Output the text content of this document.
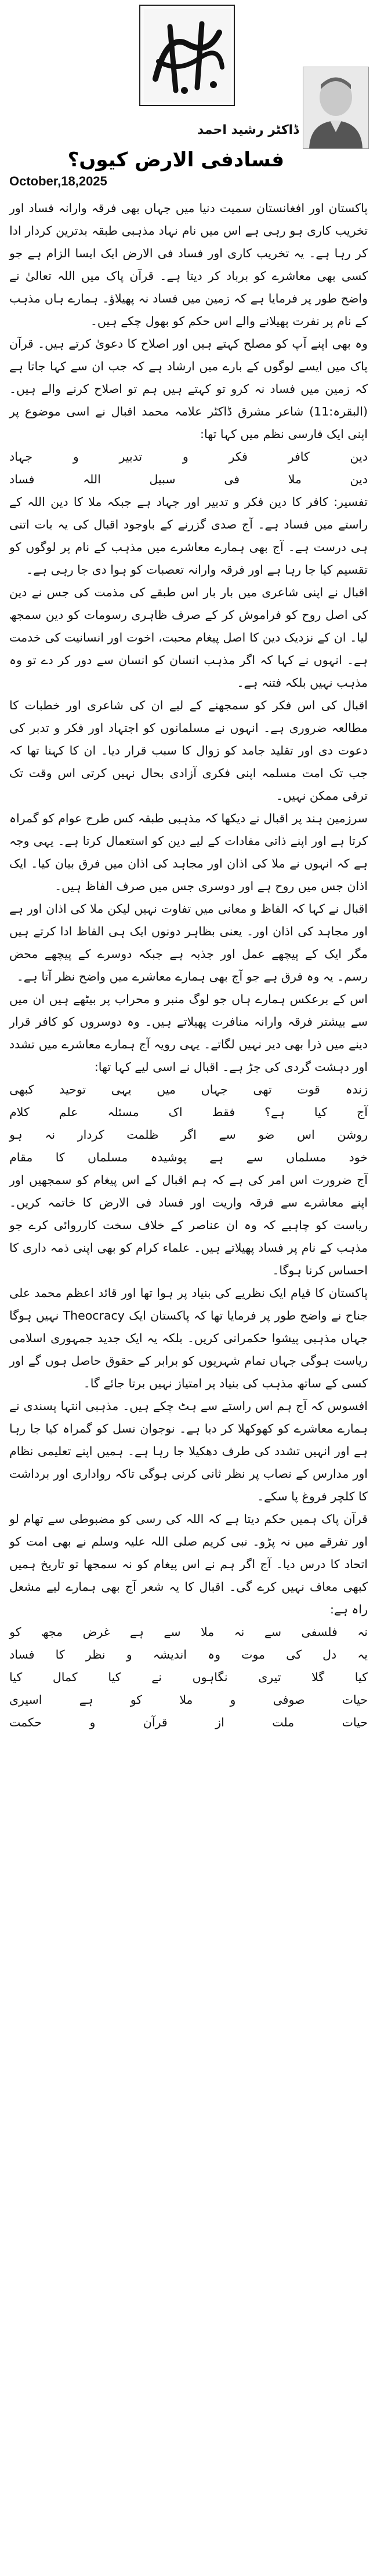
ڈاکٹر رشید احمد
فسادفی الارض کیوں؟
October,18,2025

پاکستان اور افغانستان سمیت دنیا میں جہاں بھی فرقہ وارانہ فساد اور تخریب کاری ہو رہی ہے اس میں نام نہاد مذہبی طبقہ بدترین کردار ادا کر رہا ہے۔ یہ تخریب کاری اور فساد فی الارض ایک ایسا الزام ہے جو کسی بھی معاشرے کو برباد کر دیتا ہے۔ قرآن پاک میں اللہ تعالیٰ نے واضح طور پر فرمایا ہے کہ زمین میں فساد نہ پھیلاؤ۔ ہمارے ہاں مذہب کے نام پر نفرت پھیلانے والے اس حکم کو بھول چکے ہیں۔

وہ بھی اپنے آپ کو مصلح کہتے ہیں اور اصلاح کا دعویٰ کرتے ہیں۔ قرآن پاک میں ایسے لوگوں کے بارے میں ارشاد ہے کہ جب ان سے کہا جاتا ہے کہ زمین میں فساد نہ کرو تو کہتے ہیں ہم تو اصلاح کرنے والے ہیں۔ (البقرہ:11) شاعر مشرق ڈاکٹر علامہ محمد اقبال نے اسی موضوع پر اپنی ایک فارسی نظم میں کہا تھا:

دین
کافر
فکر
و
تدبیر
و
جہاد
دین
ملا
فی
سبیل
اللہ
فساد

تفسیر: کافر کا دین فکر و تدبیر اور جہاد ہے جبکہ ملا کا دین اللہ کے راستے میں فساد ہے۔ آج صدی گزرنے کے باوجود اقبال کی یہ بات اتنی ہی درست ہے۔ آج بھی ہمارے معاشرے میں مذہب کے نام پر لوگوں کو تقسیم کیا جا رہا ہے اور فرقہ وارانہ تعصبات کو ہوا دی جا رہی ہے۔

اقبال نے اپنی شاعری میں بار بار اس طبقے کی مذمت کی جس نے دین کی اصل روح کو فراموش کر کے صرف ظاہری رسومات کو دین سمجھ لیا۔ ان کے نزدیک دین کا اصل پیغام محبت، اخوت اور انسانیت کی خدمت ہے۔ انہوں نے کہا کہ اگر مذہب انسان کو انسان سے دور کر دے تو وہ مذہب نہیں بلکہ فتنہ ہے۔

اقبال کی اس فکر کو سمجھنے کے لیے ان کی شاعری اور خطبات کا مطالعہ ضروری ہے۔ انہوں نے مسلمانوں کو اجتہاد اور فکر و تدبر کی دعوت دی اور تقلید جامد کو زوال کا سبب قرار دیا۔ ان کا کہنا تھا کہ جب تک امت مسلمہ اپنی فکری آزادی بحال نہیں کرتی اس وقت تک ترقی ممکن نہیں۔

سرزمین ہند پر اقبال نے دیکھا کہ مذہبی طبقہ کس طرح عوام کو گمراہ کرتا ہے اور اپنے ذاتی مفادات کے لیے دین کو استعمال کرتا ہے۔ یہی وجہ ہے کہ انہوں نے ملا کی اذان اور مجاہد کی اذان میں فرق بیان کیا۔ ایک اذان جس میں روح ہے اور دوسری جس میں صرف الفاظ ہیں۔

اقبال نے کہا کہ الفاظ و معانی میں تفاوت نہیں لیکن ملا کی اذان اور ہے اور مجاہد کی اذان اور۔ یعنی بظاہر دونوں ایک ہی الفاظ ادا کرتے ہیں مگر ایک کے پیچھے عمل اور جذبہ ہے جبکہ دوسرے کے پیچھے محض رسم۔ یہ وہ فرق ہے جو آج بھی ہمارے معاشرے میں واضح نظر آتا ہے۔

اس کے برعکس ہمارے ہاں جو لوگ منبر و محراب پر بیٹھے ہیں ان میں سے بیشتر فرقہ وارانہ منافرت پھیلاتے ہیں۔ وہ دوسروں کو کافر قرار دینے میں ذرا بھی دیر نہیں لگاتے۔ یہی رویہ آج ہمارے معاشرے میں تشدد اور دہشت گردی کی جڑ ہے۔ اقبال نے اسی لیے کہا تھا:

زندہ
قوت
تھی
جہاں
میں
یہی
توحید
کبھی
آج
کیا
ہے؟
فقط
اک
مسئلہ
علم
کلام
روشن
اس
ضو
سے
اگر
ظلمت
کردار
نہ
ہو
خود
مسلماں
سے
ہے
پوشیدہ
مسلماں
کا
مقام

آج ضرورت اس امر کی ہے کہ ہم اقبال کے اس پیغام کو سمجھیں اور اپنے معاشرے سے فرقہ واریت اور فساد فی الارض کا خاتمہ کریں۔ ریاست کو چاہیے کہ وہ ان عناصر کے خلاف سخت کارروائی کرے جو مذہب کے نام پر فساد پھیلاتے ہیں۔ علماء کرام کو بھی اپنی ذمہ داری کا احساس کرنا ہوگا۔

پاکستان کا قیام ایک نظریے کی بنیاد پر ہوا تھا اور قائد اعظم محمد علی جناح نے واضح طور پر فرمایا تھا کہ پاکستان ایک Theocracy نہیں ہوگا جہاں مذہبی پیشوا حکمرانی کریں۔ بلکہ یہ ایک جدید جمہوری اسلامی ریاست ہوگی جہاں تمام شہریوں کو برابر کے حقوق حاصل ہوں گے اور کسی کے ساتھ مذہب کی بنیاد پر امتیاز نہیں برتا جائے گا۔

افسوس کہ آج ہم اس راستے سے ہٹ چکے ہیں۔ مذہبی انتہا پسندی نے ہمارے معاشرے کو کھوکھلا کر دیا ہے۔ نوجوان نسل کو گمراہ کیا جا رہا ہے اور انہیں تشدد کی طرف دھکیلا جا رہا ہے۔ ہمیں اپنے تعلیمی نظام اور مدارس کے نصاب پر نظر ثانی کرنی ہوگی تاکہ رواداری اور برداشت کا کلچر فروغ پا سکے۔

قرآن پاک ہمیں حکم دیتا ہے کہ اللہ کی رسی کو مضبوطی سے تھام لو اور تفرقے میں نہ پڑو۔ نبی کریم صلی اللہ علیہ وسلم نے بھی امت کو اتحاد کا درس دیا۔ آج اگر ہم نے اس پیغام کو نہ سمجھا تو تاریخ ہمیں کبھی معاف نہیں کرے گی۔ اقبال کا یہ شعر آج بھی ہمارے لیے مشعل راہ ہے:

نہ
فلسفی
سے
نہ
ملا
سے
ہے
غرض
مجھ
کو
یہ
دل
کی
موت
وہ
اندیشہ
و
نظر
کا
فساد
کیا
گلا
تیری
نگاہوں
نے
کیا
کمال
کیا
حیات
صوفی
و
ملا
کو
ہے
اسیری
حیات
ملت
از
قرآن
و
حکمت
